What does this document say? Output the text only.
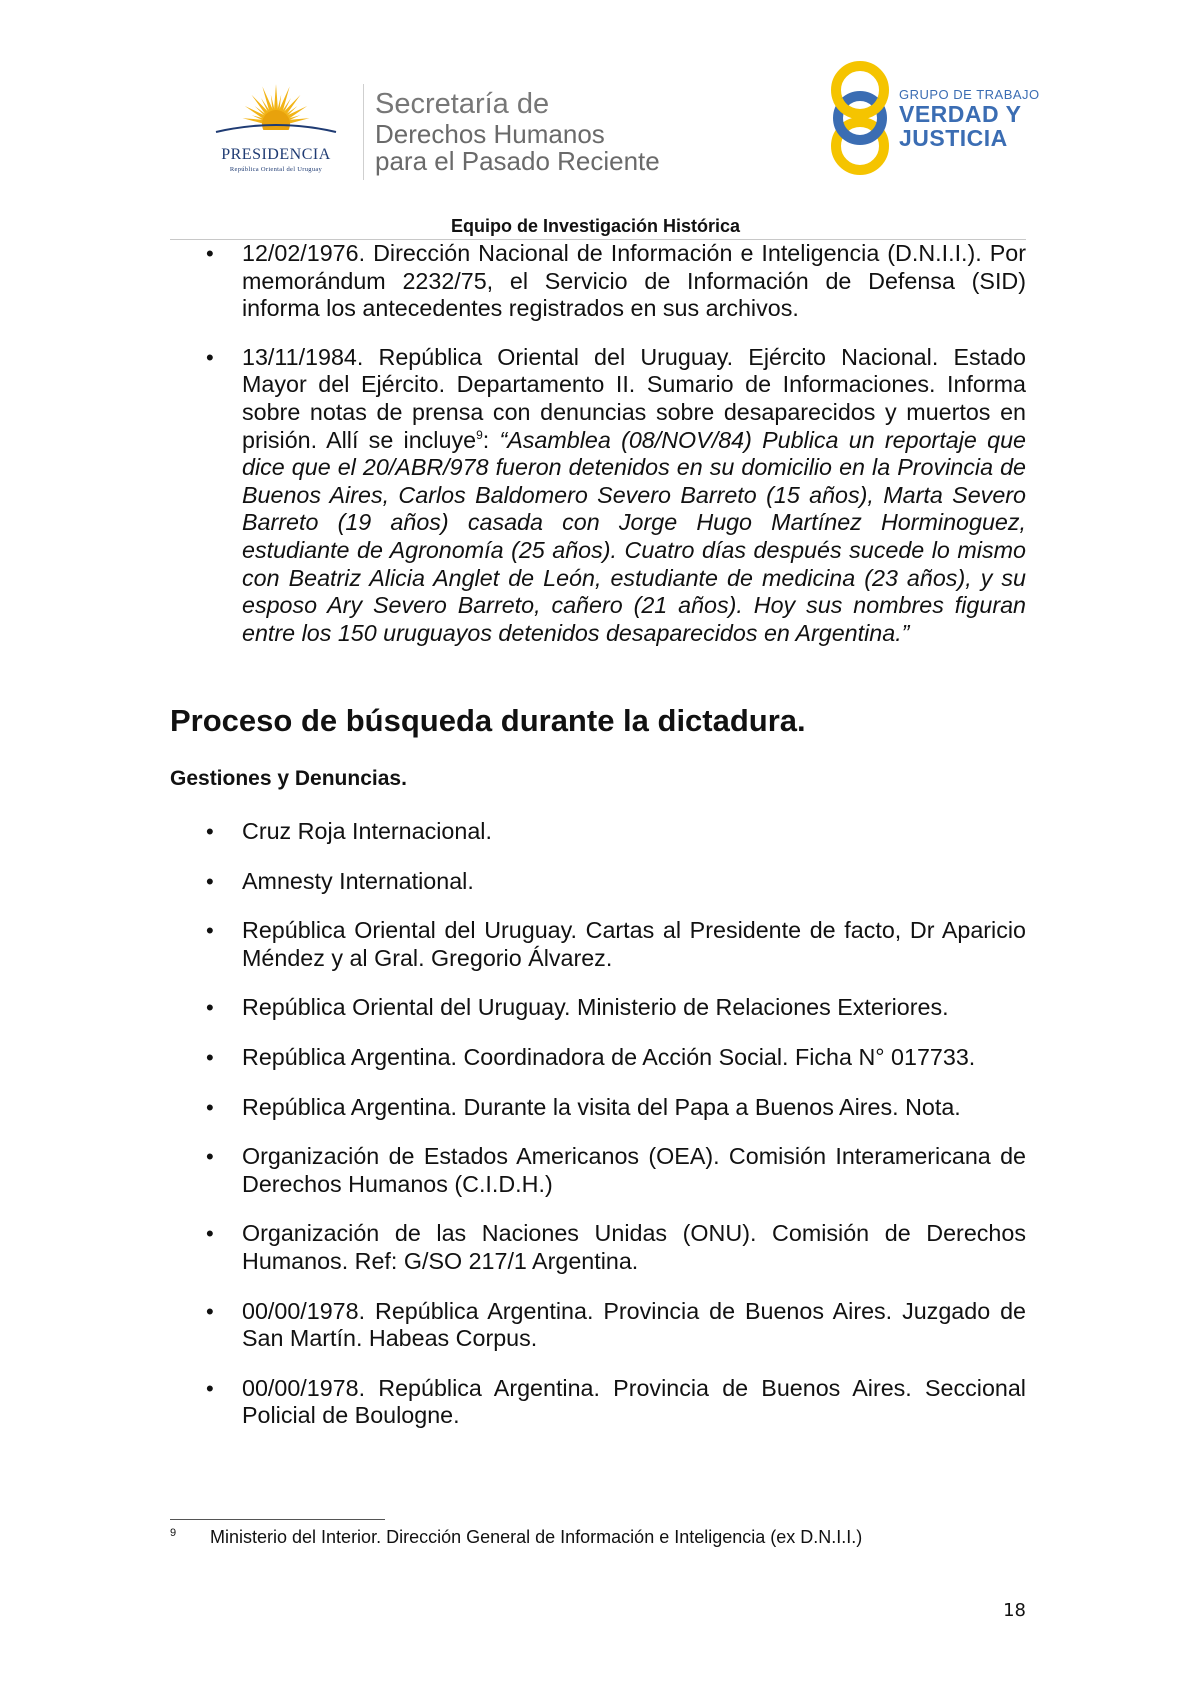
PRESIDENCIA
República Oriental del Uruguay
Secretaría de
Derechos Humanos
para el Pasado Reciente
GRUPO DE TRABAJO
VERDAD Y
JUSTICIA
Equipo de Investigación Histórica
• 12/02/1976. Dirección Nacional de Información e Inteligencia (D.N.I.I.). Por memorándum 2232/75, el Servicio de Información de Defensa (SID) informa los antecedentes registrados en sus archivos.
• 13/11/1984. República Oriental del Uruguay. Ejército Nacional. Estado Mayor del Ejército. Departamento II. Sumario de Informaciones. Informa sobre notas de prensa con denuncias sobre desaparecidos y muertos en prisión. Allí se incluye$^9$: “Asamblea (08/NOV/84) Publica un reportaje que dice que el 20/ABR/978 fueron detenidos en su domicilio en la Provincia de Buenos Aires, Carlos Baldomero Severo Barreto (15 años), Marta Severo Barreto (19 años) casada con Jorge Hugo Martínez Horminoguez, estudiante de Agronomía (25 años). Cuatro días después sucede lo mismo con Beatriz Alicia Anglet de León, estudiante de medicina (23 años), y su esposo Ary Severo Barreto, cañero (21 años). Hoy sus nombres figuran entre los 150 uruguayos detenidos desaparecidos en Argentina.”
Proceso de búsqueda durante la dictadura.
Gestiones y Denuncias.
• Cruz Roja Internacional.
• Amnesty International.
• República Oriental del Uruguay. Cartas al Presidente de facto, Dr Aparicio Méndez y al Gral. Gregorio Álvarez.
• República Oriental del Uruguay. Ministerio de Relaciones Exteriores.
• República Argentina. Coordinadora de Acción Social. Ficha N° 017733.
• República Argentina. Durante la visita del Papa a Buenos Aires. Nota.
• Organización de Estados Americanos (OEA). Comisión Interamericana de Derechos Humanos (C.I.D.H.)
• Organización de las Naciones Unidas (ONU). Comisión de Derechos Humanos. Ref: G/SO 217/1 Argentina.
• 00/00/1978. República Argentina. Provincia de Buenos Aires. Juzgado de San Martín. Habeas Corpus.
• 00/00/1978. República Argentina. Provincia de Buenos Aires. Seccional Policial de Boulogne.
9 Ministerio del Interior. Dirección General de Información e Inteligencia (ex D.N.I.I.)
18
